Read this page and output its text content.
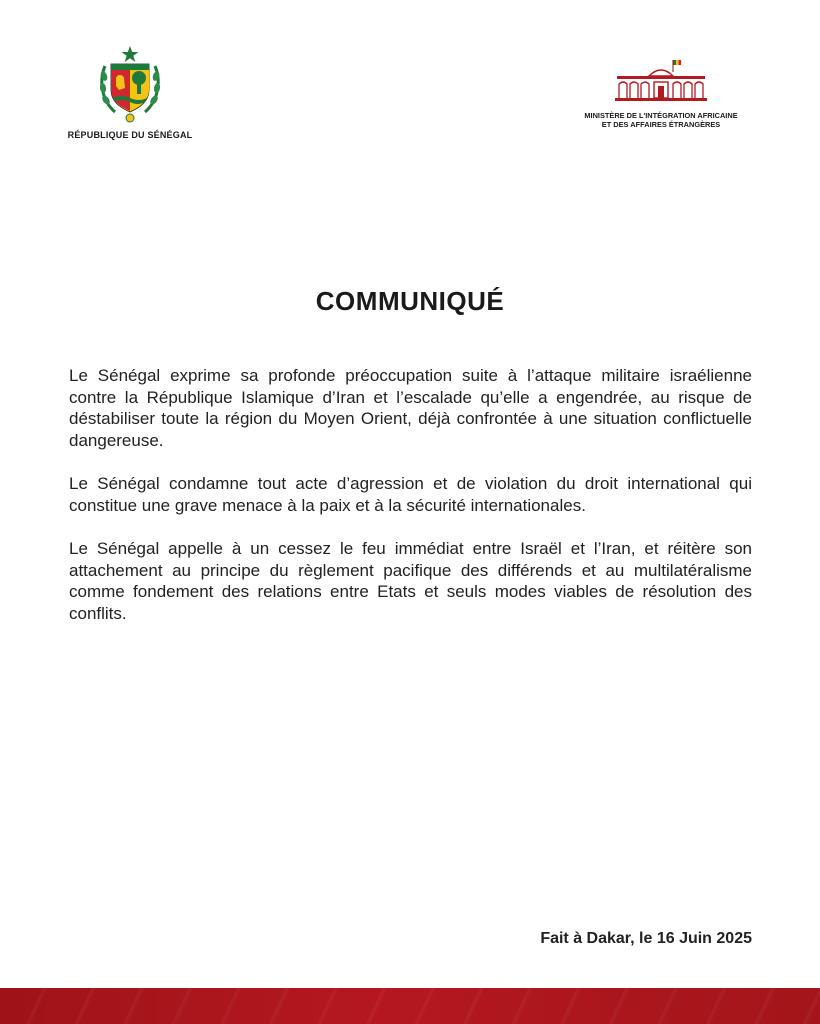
RÉPUBLIQUE DU SÉNÉGAL
MINISTÈRE DE L'INTÉGRATION AFRICAINE
ET DES AFFAIRES ÉTRANGÈRES
COMMUNIQUÉ

Le Sénégal exprime sa profonde préoccupation suite à l’attaque militaire israélienne contre la République Islamique d’Iran et l’escalade qu’elle a engendrée, au risque de déstabiliser toute la région du Moyen Orient, déjà confrontée à une situation conflictuelle dangereuse.

Le Sénégal condamne tout acte d’agression et de violation du droit international qui constitue une grave menace à la paix et à la sécurité internationales.

Le Sénégal appelle à un cessez le feu immédiat entre Israël et l’Iran, et réitère son attachement au principe du règlement pacifique des différends et au multilatéralisme comme fondement des relations entre Etats et seuls modes viables de résolution des conflits.

Fait à Dakar, le 16 Juin 2025
